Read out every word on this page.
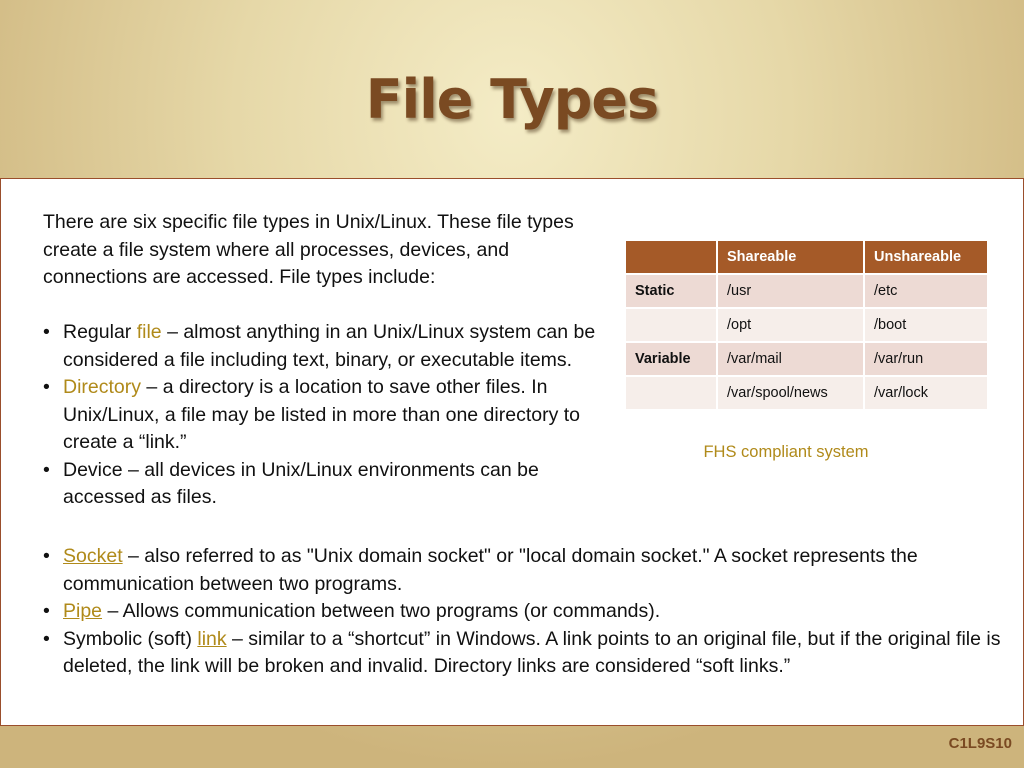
File Types
There are six specific file types in Unix/Linux. These file types create a file system where all processes, devices, and connections are accessed. File types include:
• Regular file – almost anything in an Unix/Linux system can be considered a file including text, binary, or executable items.
• Directory – a directory is a location to save other files. In Unix/Linux, a file may be listed in more than one directory to create a “link.”
• Device – all devices in Unix/Linux environments can be accessed as files.
	Shareable	Unshareable
Static	/usr	/etc
	/opt	/boot
Variable	/var/mail	/var/run
	/var/spool/news	/var/lock
FHS compliant system
• Socket – also referred to as "Unix domain socket" or "local domain socket." A socket represents the communication between two programs.
• Pipe – Allows communication between two programs (or commands).
• Symbolic (soft) link – similar to a “shortcut” in Windows. A link points to an original file, but if the original file is deleted, the link will be broken and invalid. Directory links are considered “soft links.”
C1L9S10
